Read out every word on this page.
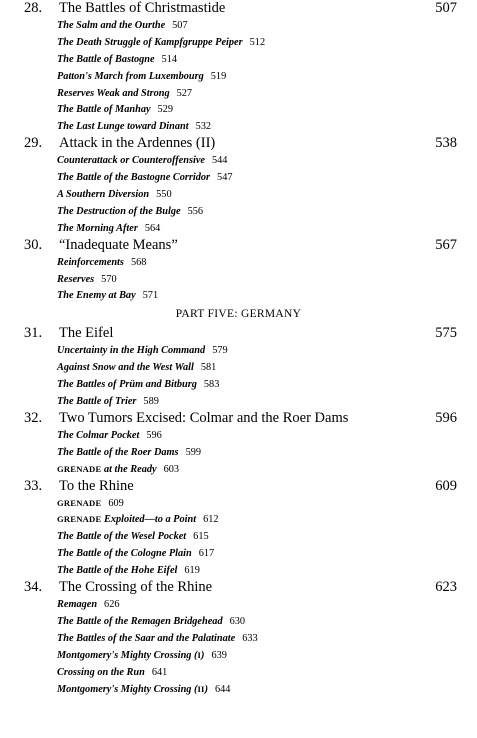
28. The Battles of Christmastide	507
The Salm and the Ourthe 507
The Death Struggle of Kampfgruppe Peiper 512
The Battle of Bastogne 514
Patton's March from Luxembourg 519
Reserves Weak and Strong 527
The Battle of Manhay 529
The Last Lunge toward Dinant 532
29. Attack in the Ardennes (II)	538
Counterattack or Counteroffensive 544
The Battle of the Bastogne Corridor 547
A Southern Diversion 550
The Destruction of the Bulge 556
The Morning After 564
30. “Inadequate Means”	567
Reinforcements 568
Reserves 570
The Enemy at Bay 571
PART FIVE: GERMANY
31. The Eifel	575
Uncertainty in the High Command 579
Against Snow and the West Wall 581
The Battles of Prüm and Bitburg 583
The Battle of Trier 589
32. Two Tumors Excised: Colmar and the Roer Dams	596
The Colmar Pocket 596
The Battle of the Roer Dams 599
GRENADE at the Ready 603
33. To the Rhine	609
GRENADE 609
GRENADE Exploited—to a Point 612
The Battle of the Wesel Pocket 615
The Battle of the Cologne Plain 617
The Battle of the Hohe Eifel 619
34. The Crossing of the Rhine	623
Remagen 626
The Battle of the Remagen Bridgehead 630
The Battles of the Saar and the Palatinate 633
Montgomery's Mighty Crossing (I) 639
Crossing on the Run 641
Montgomery's Mighty Crossing (II) 644
